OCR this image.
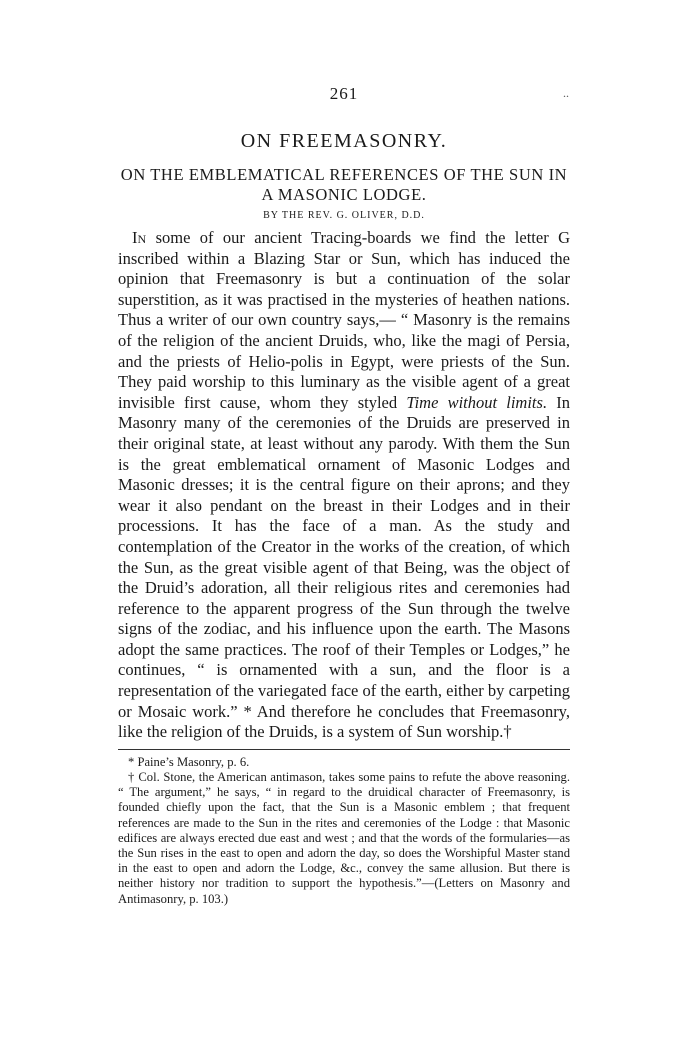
..
261
ON FREEMASONRY.
ON THE EMBLEMATICAL REFERENCES OF THE SUN IN A MASONIC LODGE.
BY THE REV. G. OLIVER, D.D.

In some of our ancient Tracing-boards we find the letter G inscribed within a Blazing Star or Sun, which has induced the opinion that Freemasonry is but a continuation of the solar superstition, as it was practised in the mysteries of heathen nations. Thus a writer of our own country says,— “ Masonry is the remains of the religion of the ancient Druids, who, like the magi of Persia, and the priests of Helio-polis in Egypt, were priests of the Sun. They paid worship to this luminary as the visible agent of a great invisible first cause, whom they styled Time without limits. In Masonry many of the ceremonies of the Druids are preserved in their original state, at least without any parody. With them the Sun is the great emblematical ornament of Masonic Lodges and Masonic dresses; it is the central figure on their aprons; and they wear it also pendant on the breast in their Lodges and in their processions. It has the face of a man. As the study and contemplation of the Creator in the works of the creation, of which the Sun, as the great visible agent of that Being, was the object of the Druid’s adoration, all their religious rites and ceremonies had reference to the apparent progress of the Sun through the twelve signs of the zodiac, and his influence upon the earth. The Masons adopt the same practices. The roof of their Temples or Lodges,” he continues, “ is ornamented with a sun, and the floor is a representation of the variegated face of the earth, either by carpeting or Mosaic work.” * And therefore he concludes that Freemasonry, like the religion of the Druids, is a system of Sun worship.†

* Paine’s Masonry, p. 6.

† Col. Stone, the American antimason, takes some pains to refute the above reasoning. “ The argument,” he says, “ in regard to the druidical character of Freemasonry, is founded chiefly upon the fact, that the Sun is a Masonic emblem ; that frequent references are made to the Sun in the rites and ceremonies of the Lodge : that Masonic edifices are always erected due east and west ; and that the words of the formularies—as the Sun rises in the east to open and adorn the day, so does the Worshipful Master stand in the east to open and adorn the Lodge, &c., convey the same allusion. But there is neither history nor tradition to support the hypothesis.”—(Letters on Masonry and Antimasonry, p. 103.)
